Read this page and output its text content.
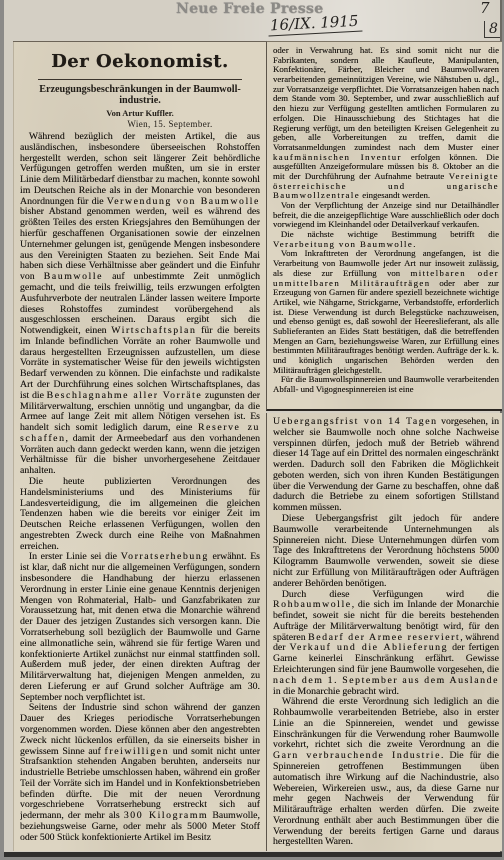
Neue Freie Presse
16/IX. 1915
7
8
Der Oekonomist.
Erzeugungsbeschränkungen in der Baumwoll-
industrie.
Von Artur Kuffler.
Wien, 15. September.

Während bezüglich der meisten Artikel, die aus ausländischen, insbesondere überseeischen Rohstoffen hergestellt werden, schon seit längerer Zeit behördliche Verfügungen getroffen werden mußten, um sie in erster Linie dem Militärbedarf dienstbar zu machen, konnte sowohl im Deutschen Reiche als in der Monarchie von besonderen Anordnungen für die Verwendung von Baumwolle bisher Abstand genommen werden, weil es während des größten Teiles des ersten Kriegsjahres den Bemühungen der hierfür geschaffenen Organisationen sowie der einzelnen Unternehmer gelungen ist, genügende Mengen insbesondere aus den Vereinigten Staaten zu beziehen. Seit Ende Mai haben sich diese Verhältnisse aber geändert und die Einfuhr von Baumwolle auf unbestimmte Zeit unmöglich gemacht, und die teils freiwillig, teils erzwungen erfolgten Ausfuhrverbote der neutralen Länder lassen weitere Importe dieses Rohstoffes zumindest vorübergehend als ausgeschlossen erscheinen. Daraus ergibt sich die Notwendigkeit, einen Wirtschaftsplan für die bereits im Inlande befindlichen Vorräte an roher Baumwolle und daraus hergestellten Erzeugnissen aufzustellen, um diese Vorräte in systematischer Weise für den jeweils wichtigsten Bedarf verwenden zu können. Die einfachste und radikalste Art der Durchführung eines solchen Wirtschaftsplanes, das ist die Beschlagnahme aller Vorräte zugunsten der Militärverwaltung, erschien unnötig und ungangbar, da die Armee auf lange Zeit mit allem Nötigen versehen ist. Es handelt sich somit lediglich darum, eine Reserve zu schaffen, damit der Armeebedarf aus den vorhandenen Vorräten auch dann gedeckt werden kann, wenn die jetzigen Verhältnisse für die bisher unvorhergesehene Zeitdauer anhalten.

Die heute publizierten Verordnungen des Handelsministeriums und des Ministeriums für Landesverteidigung, die im allgemeinen die gleichen Tendenzen haben wie die bereits vor einiger Zeit im Deutschen Reiche erlassenen Verfügungen, wollen den angestrebten Zweck durch eine Reihe von Maßnahmen erreichen.

In erster Linie sei die Vorratserhebung erwähnt. Es ist klar, daß nicht nur die allgemeinen Verfügungen, sondern insbesondere die Handhabung der hierzu erlassenen Verordnung in erster Linie eine genaue Kenntnis derjenigen Mengen von Rohmaterial, Halb- und Ganzfabrikaten zur Voraussetzung hat, mit denen etwa die Monarchie während der Dauer des jetzigen Zustandes sich versorgen kann. Die Vorratserhebung soll bezüglich der Baumwolle und Garne eine allmonatliche sein, während sie für fertige Waren und konfektionierte Artikel zunächst nur einmal stattfinden soll. Außerdem muß jeder, der einen direkten Auftrag der Militärverwaltung hat, diejenigen Mengen anmelden, zu deren Lieferung er auf Grund solcher Aufträge am 30. September noch verpflichtet ist.

Seitens der Industrie sind schon während der ganzen Dauer des Krieges periodische Vorratserhebungen vorgenommen worden. Diese können aber den angestrebten Zweck nicht lückenlos erfüllen, da sie einerseits bisher in gewissem Sinne auf freiwilligen und somit nicht unter Strafsanktion stehenden Angaben beruhten, anderseits nur industrielle Betriebe umschlossen haben, während ein großer Teil der Vorräte sich im Handel und in Konfektionsbetrieben befinden dürfte. Die mit der neuen Verordnung vorgeschriebene Vorratserhebung erstreckt sich auf jedermann, der mehr als 300 Kilogramm Baumwolle, beziehungsweise Garne, oder mehr als 5000 Meter Stoff oder 500 Stück konfektionierte Artikel im Besitz

oder in Verwahrung hat. Es sind somit nicht nur die Fabrikanten, sondern alle Kaufleute, Manipulanten, Konfektionäre, Färber, Bleicher und Baumwollwaren verarbeitenden gemeinnützigen Vereine, wie Nähstuben u. dgl., zur Vorratsanzeige verpflichtet. Die Vorratsanzeigen haben nach dem Stande vom 30. September, und zwar ausschließlich auf den hiezu zur Verfügung gestellten amtlichen Formularen zu erfolgen. Die Hinausschiebung des Stichtages hat die Regierung verfügt, um den beteiligten Kreisen Gelegenheit zu geben, alle Vorbereitungen zu treffen, damit die Vorratsanmeldungen zumindest nach dem Muster einer kaufmännischen Inventur erfolgen können. Die ausgefüllten Anzeigeformulare müssen bis 8. Oktober an die mit der Durchführung der Aufnahme betraute Vereinigte österreichische und ungarische Baumwollzentrale eingesandt werden.

Von der Verpflichtung der Anzeige sind nur Detailhändler befreit, die die anzeigepflichtige Ware ausschließlich oder doch vorwiegend im Kleinhandel oder Detailverkauf verkaufen.

Die nächste wichtige Bestimmung betrifft die Verarbeitung von Baumwolle.

Vom Inkrafttreten der Verordnung angefangen, ist die Verarbeitung von Baumwolle jeder Art nur insoweit zulässig, als diese zur Erfüllung von mittelbaren oder unmittelbaren Militäraufträgen oder aber zur Erzeugung von Garnen für andere speziell bezeichnete wichtige Artikel, wie Nähgarne, Strickgarne, Verbandstoffe, erforderlich ist. Diese Verwendung ist durch Belegstücke nachzuweisen, und ebenso genügt es, daß sowohl der Heereslieferant, als alle Sublieferanten an Eides Statt bestätigen, daß die betreffenden Mengen an Garn, beziehungsweise Waren, zur Erfüllung eines bestimmten Militärauftrages benötigt werden. Aufträge der k. k. und königlich ungarischen Behörden werden den Militäraufträgen gleichgestellt.

Für die Baumwollspinnereien und Baumwolle verarbeitenden Abfall- und Vigognespinnereien ist eine

Uebergangsfrist von 14 Tagen vorgesehen, in welcher sie Baumwolle noch ohne solche Nachweise verspinnen dürfen, jedoch muß der Betrieb während dieser 14 Tage auf ein Drittel des normalen eingeschränkt werden. Dadurch soll den Fabriken die Möglichkeit geboten werden, sich von ihren Kunden Bestätigungen über die Verwendung der Garne zu beschaffen, ohne daß dadurch die Betriebe zu einem sofortigen Stillstand kommen müssen.

Diese Uebergangsfrist gilt jedoch für andere Baumwolle verarbeitende Unternehmungen als Spinnereien nicht. Diese Unternehmungen dürfen vom Tage des Inkrafttretens der Verordnung höchstens 5000 Kilogramm Baumwolle verwenden, soweit sie diese nicht zur Erfüllung von Militäraufträgen oder Aufträgen anderer Behörden benötigen.

Durch diese Verfügungen wird die Rohbaumwolle, die sich im Inlande der Monarchie befindet, soweit sie nicht für die bereits bestehenden Aufträge der Militärverwaltung benötigt wird, für den späteren Bedarf der Armee reserviert, während der Verkauf und die Ablieferung der fertigen Garne keinerlei Einschränkung erfährt. Gewisse Erleichterungen sind für jene Baumwolle vorgesehen, die nach dem 1. September aus dem Auslande in die Monarchie gebracht wird.

Während die erste Verordnung sich lediglich an die Rohbaumwolle verarbeitenden Betriebe, also in erster Linie an die Spinnereien, wendet und gewisse Einschränkungen für die Verwendung roher Baumwolle vorkehrt, richtet sich die zweite Verordnung an die Garn verbrauchende Industrie. Die für die Spinnereien getroffenen Bestimmungen üben automatisch ihre Wirkung auf die Nachindustrie, also Webereien, Wirkereien usw., aus, da diese Garne nur mehr gegen Nachweis der Verwendung für Militäraufträge erhalten werden dürfen. Die zweite Verordnung enthält aber auch Bestimmungen über die Verwendung der bereits fertigen Garne und daraus hergestellten Waren.
